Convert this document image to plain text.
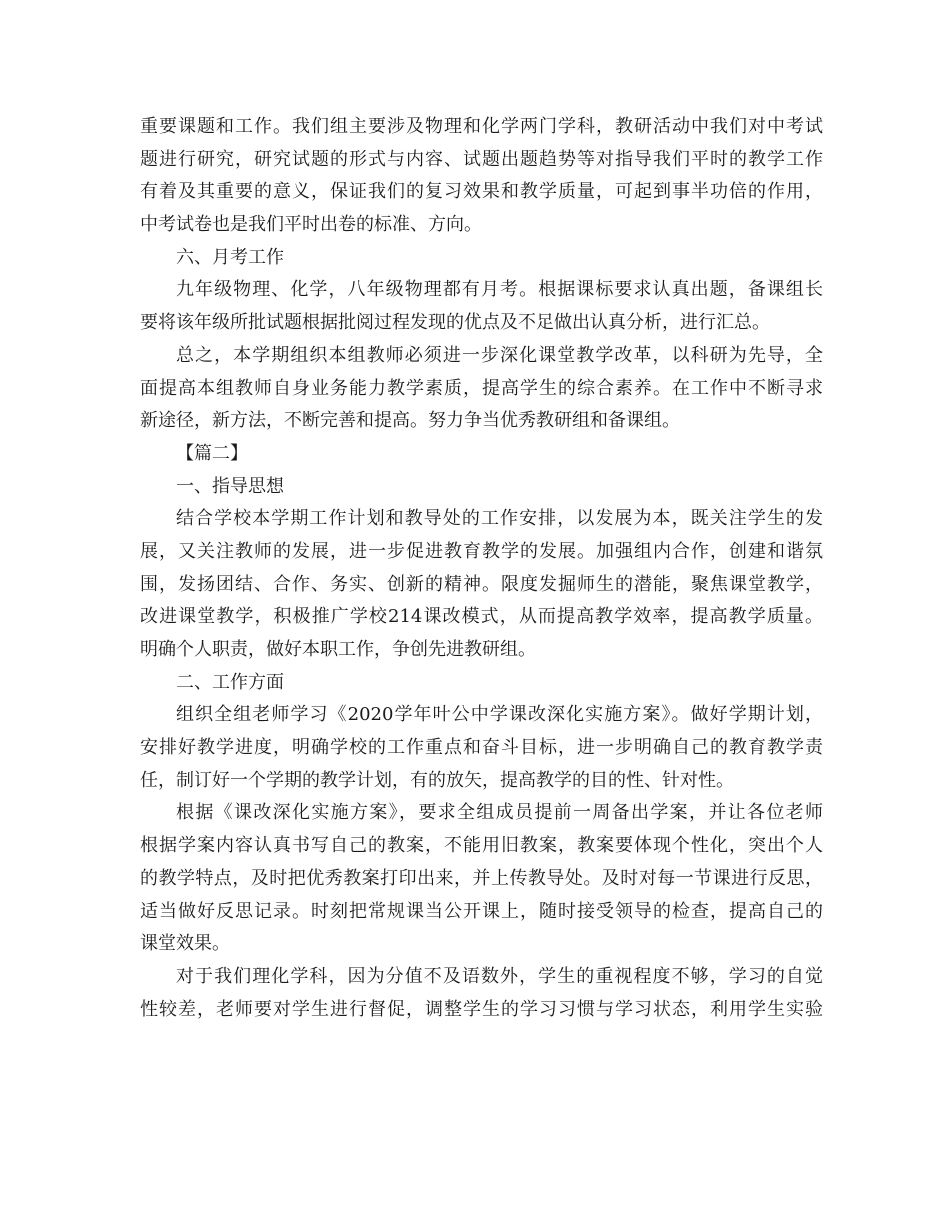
重要课题和工作。我们组主要涉及物理和化学两门学科，教研活动中我们对中考试
题进行研究，研究试题的形式与内容、试题出题趋势等对指导我们平时的教学工作
有着及其重要的意义，保证我们的复习效果和教学质量，可起到事半功倍的作用，
中考试卷也是我们平时出卷的标准、方向。
六、月考工作
九年级物理、化学，八年级物理都有月考。根据课标要求认真出题，备课组长
要将该年级所批试题根据批阅过程发现的优点及不足做出认真分析，进行汇总。
总之，本学期组织本组教师必须进一步深化课堂教学改革，以科研为先导，全
面提高本组教师自身业务能力教学素质，提高学生的综合素养。在工作中不断寻求
新途径，新方法，不断完善和提高。努力争当优秀教研组和备课组。
【篇二】
一、指导思想
结合学校本学期工作计划和教导处的工作安排，以发展为本，既关注学生的发
展，又关注教师的发展，进一步促进教育教学的发展。加强组内合作，创建和谐氛
围，发扬团结、合作、务实、创新的精神。限度发掘师生的潜能，聚焦课堂教学，
改进课堂教学，积极推广学校214课改模式，从而提高教学效率，提高教学质量。
明确个人职责，做好本职工作，争创先进教研组。
二、工作方面
组织全组老师学习《2020学年叶公中学课改深化实施方案》。做好学期计划，
安排好教学进度，明确学校的工作重点和奋斗目标，进一步明确自己的教育教学责
任，制订好一个学期的教学计划，有的放矢，提高教学的目的性、针对性。
根据《课改深化实施方案》，要求全组成员提前一周备出学案，并让各位老师
根据学案内容认真书写自己的教案，不能用旧教案，教案要体现个性化，突出个人
的教学特点，及时把优秀教案打印出来，并上传教导处。及时对每一节课进行反思，
适当做好反思记录。时刻把常规课当公开课上，随时接受领导的检查，提高自己的
课堂效果。
对于我们理化学科，因为分值不及语数外，学生的重视程度不够，学习的自觉
性较差，老师要对学生进行督促，调整学生的学习习惯与学习状态，利用学生实验
